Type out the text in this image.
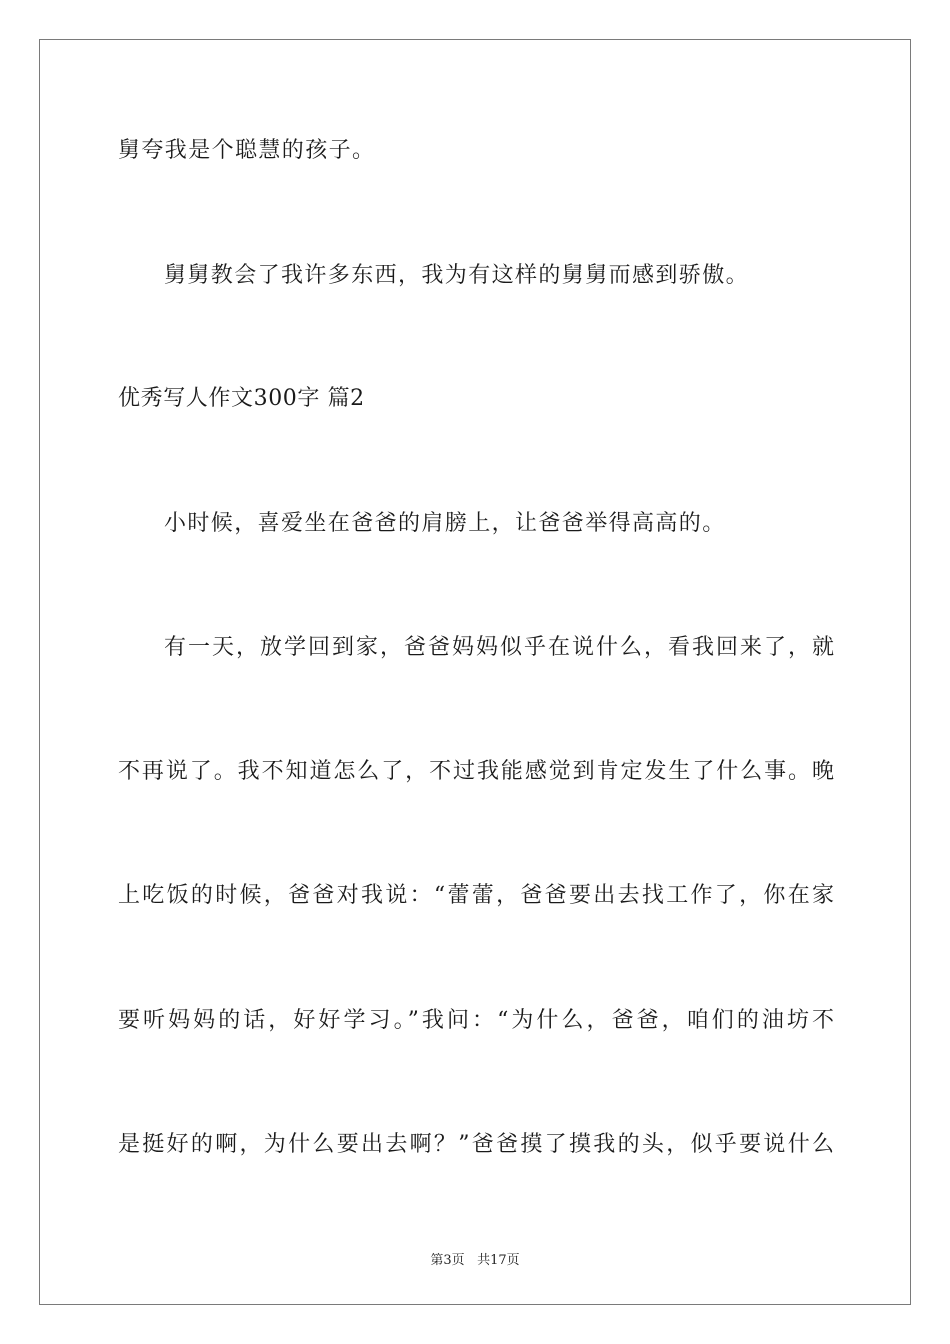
舅夸我是个聪慧的孩子。

舅舅教会了我许多东西，我为有这样的舅舅而感到骄傲。

优秀写人作文300字 篇2

小时候，喜爱坐在爸爸的肩膀上，让爸爸举得高高的。

有一天，放学回到家，爸爸妈妈似乎在说什么，看我回来了，就

不再说了。我不知道怎么了，不过我能感觉到肯定发生了什么事。晚

上吃饭的时候，爸爸对我说：“蕾蕾，爸爸要出去找工作了，你在家

要听妈妈的话，好好学习。”我问：“为什么，爸爸，咱们的油坊不

是挺好的啊，为什么要出去啊？”爸爸摸了摸我的头，似乎要说什么

第3页 共17页
